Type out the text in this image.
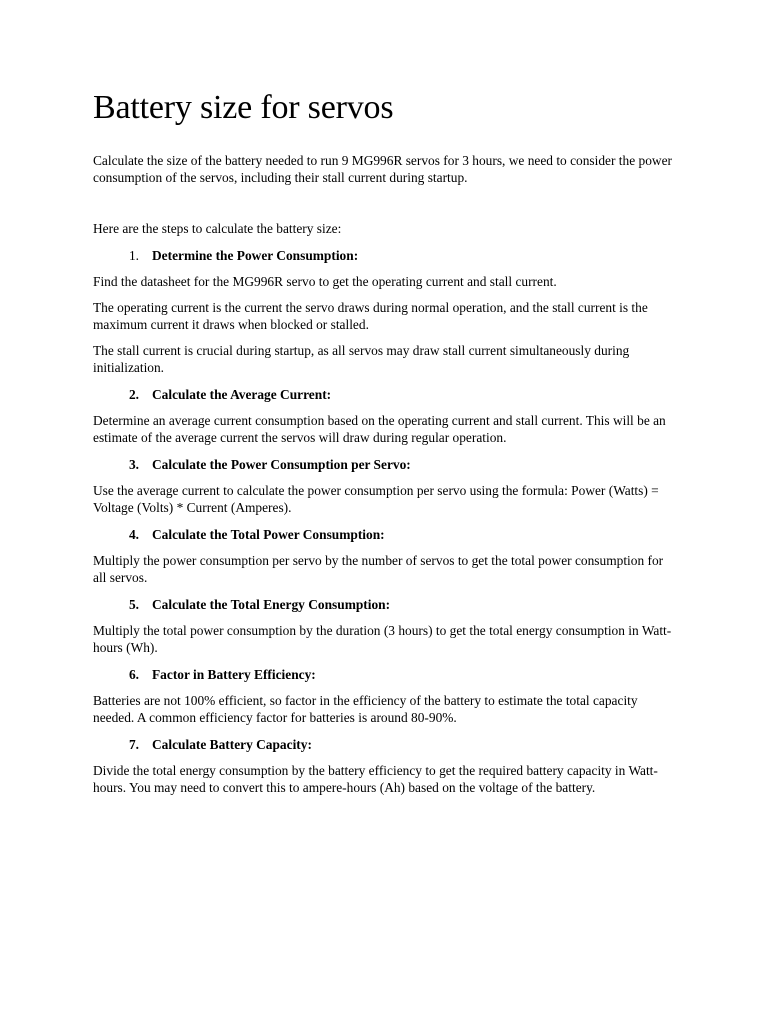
Battery size for servos

Calculate the size of the battery needed to run 9 MG996R servos for 3 hours, we need to consider the power consumption of the servos, including their stall current during startup.

Here are the steps to calculate the battery size:

1. Determine the Power Consumption:

Find the datasheet for the MG996R servo to get the operating current and stall current.

The operating current is the current the servo draws during normal operation, and the stall current is the maximum current it draws when blocked or stalled.

The stall current is crucial during startup, as all servos may draw stall current simultaneously during initialization.

2. Calculate the Average Current:

Determine an average current consumption based on the operating current and stall current. This will be an estimate of the average current the servos will draw during regular operation.

3. Calculate the Power Consumption per Servo:

Use the average current to calculate the power consumption per servo using the formula: Power (Watts) = Voltage (Volts) * Current (Amperes).

4. Calculate the Total Power Consumption:

Multiply the power consumption per servo by the number of servos to get the total power consumption for all servos.

5. Calculate the Total Energy Consumption:

Multiply the total power consumption by the duration (3 hours) to get the total energy consumption in Watt-hours (Wh).

6. Factor in Battery Efficiency:

Batteries are not 100% efficient, so factor in the efficiency of the battery to estimate the total capacity needed. A common efficiency factor for batteries is around 80-90%.

7. Calculate Battery Capacity:

Divide the total energy consumption by the battery efficiency to get the required battery capacity in Watt-hours. You may need to convert this to ampere-hours (Ah) based on the voltage of the battery.
